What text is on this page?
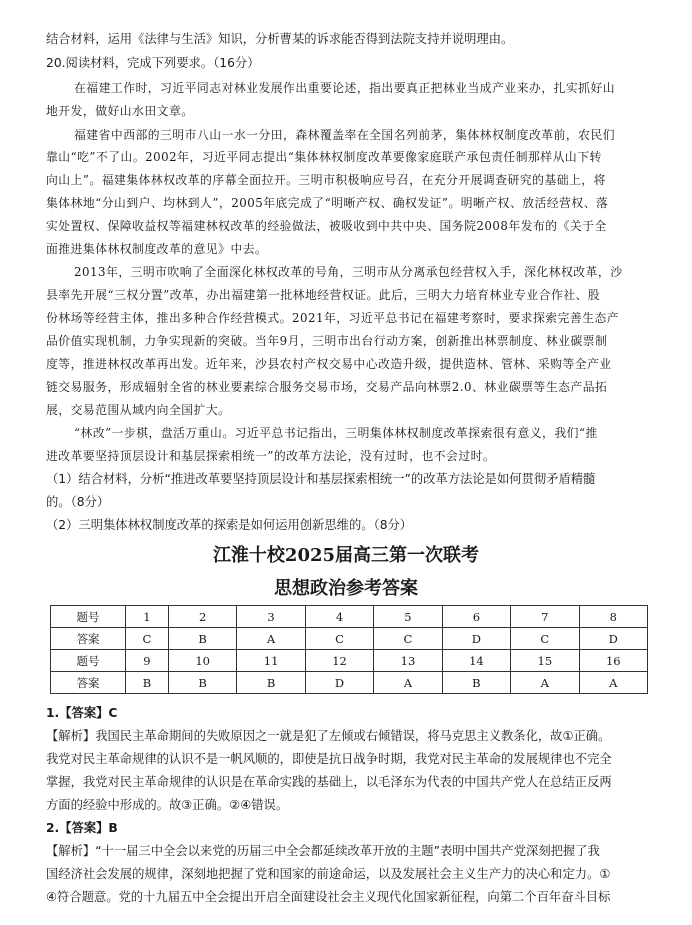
结合材料，运用《法律与生活》知识，分析曹某的诉求能否得到法院支持并说明理由。
20.阅读材料，完成下列要求。（16分）
在福建工作时，习近平同志对林业发展作出重要论述，指出要真正把林业当成产业来办，扎实抓好山
地开发，做好山水田文章。
福建省中西部的三明市八山一水一分田，森林覆盖率在全国名列前茅，集体林权制度改革前，农民们
靠山“吃”不了山。2002年，习近平同志提出“集体林权制度改革要像家庭联产承包责任制那样从山下转
向山上”。福建集体林权改革的序幕全面拉开。三明市积极响应号召，在充分开展调查研究的基础上，将
集体林地“分山到户、均林到人”，2005年底完成了“明晰产权、确权发证”。明晰产权、放活经营权、落
实处置权、保障收益权等福建林权改革的经验做法，被吸收到中共中央、国务院2008年发布的《关于全
面推进集体林权制度改革的意见》中去。
2013年，三明市吹响了全面深化林权改革的号角，三明市从分离承包经营权入手，深化林权改革，沙
县率先开展“三权分置”改革，办出福建第一批林地经营权证。此后，三明大力培育林业专业合作社、股
份林场等经营主体，推出多种合作经营模式。2021年，习近平总书记在福建考察时，要求探索完善生态产
品价值实现机制，力争实现新的突破。当年9月，三明市出台行动方案，创新推出林票制度、林业碳票制
度等，推进林权改革再出发。近年来，沙县农村产权交易中心改造升级，提供造林、管林、采购等全产业
链交易服务，形成辐射全省的林业要素综合服务交易市场，交易产品向林票2.0、林业碳票等生态产品拓
展，交易范围从域内向全国扩大。
“林改”一步棋，盘活万重山。习近平总书记指出，三明集体林权制度改革探索很有意义，我们“推
进改革要坚持顶层设计和基层探索相统一”的改革方法论，没有过时，也不会过时。
（1）结合材料，分析“推进改革要坚持顶层设计和基层探索相统一”的改革方法论是如何贯彻矛盾精髓
的。（8分）
（2）三明集体林权制度改革的探索是如何运用创新思维的。（8分）
江淮十校2025届高三第一次联考
思想政治参考答案
题号	1	2	3	4	5	6	7	8
答案	C	B	A	C	C	D	C	D
题号	9	10	11	12	13	14	15	16
答案	B	B	B	D	A	B	A	A
1.【答案】C
【解析】我国民主革命期间的失败原因之一就是犯了左倾或右倾错误，将马克思主义教条化，故①正确。
我党对民主革命规律的认识不是一帆风顺的，即使是抗日战争时期，我党对民主革命的发展规律也不完全
掌握，我党对民主革命规律的认识是在革命实践的基础上，以毛泽东为代表的中国共产党人在总结正反两
方面的经验中形成的。故③正确。②④错误。
2.【答案】B
【解析】“十一届三中全会以来党的历届三中全会都延续改革开放的主题”表明中国共产党深刻把握了我
国经济社会发展的规律，深刻地把握了党和国家的前途命运，以及发展社会主义生产力的决心和定力。①
④符合题意。党的十九届五中全会提出开启全面建设社会主义现代化国家新征程，向第二个百年奋斗目标
